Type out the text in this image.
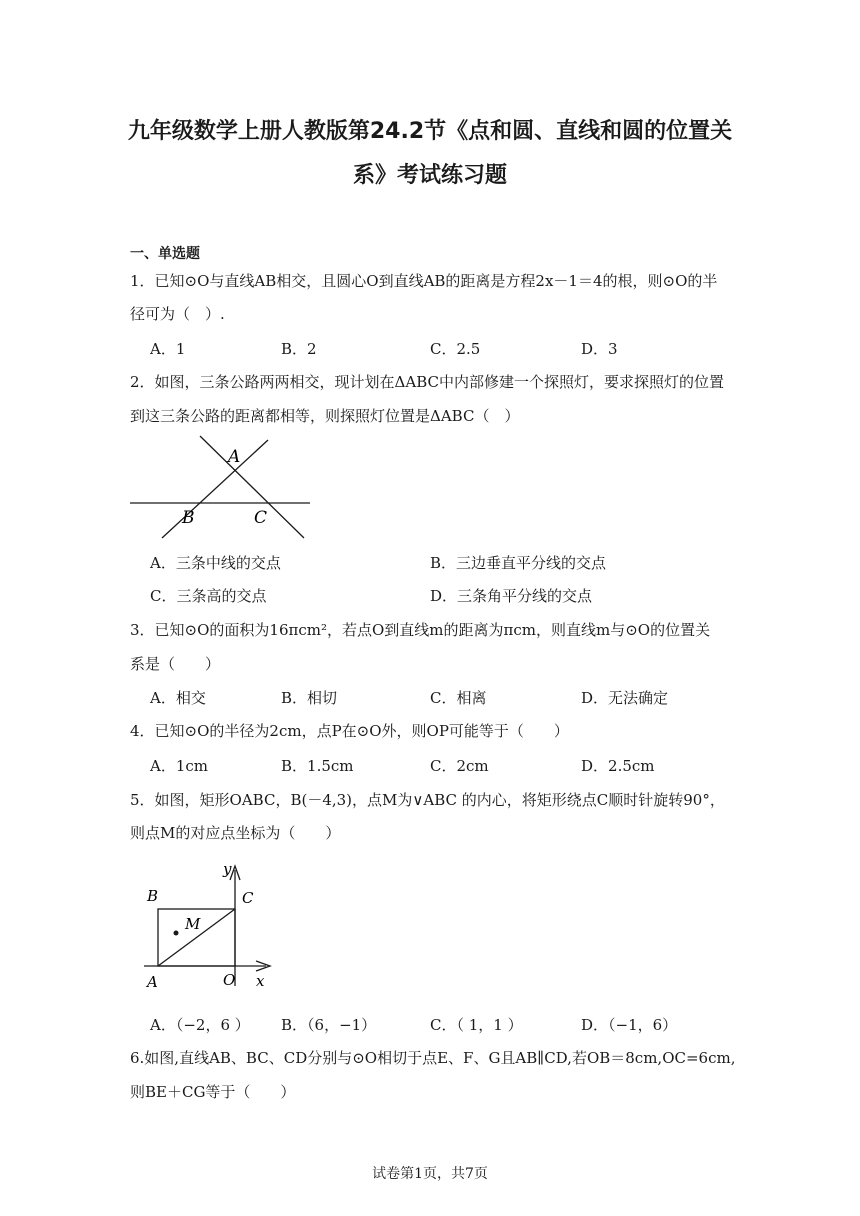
九年级数学上册人教版第24.2节《点和圆、直线和圆的位置关
系》考试练习题
一、单选题
1．已知⊙O与直线AB相交，且圆心O到直线AB的距离是方程2x－1＝4的根，则⊙O的半
径可为（　）.
A．1	B．2	C．2.5	D．3
2．如图，三条公路两两相交，现计划在ΔABC中内部修建一个探照灯，要求探照灯的位置
到这三条公路的距离都相等，则探照灯位置是ΔABC（　）
A
B	C
A．三条中线的交点	B．三边垂直平分线的交点
C．三条高的交点	D．三条角平分线的交点
3．已知⊙O的面积为16πcm²，若点O到直线m的距离为πcm，则直线m与⊙O的位置关
系是（　　）
A．相交	B．相切	C．相离	D．无法确定
4．已知⊙O的半径为2cm，点P在⊙O外，则OP可能等于（　　）
A．1cm	B．1.5cm	C．2cm	D．2.5cm
5．如图，矩形OABC，B(－4,3)，点M为∨ABC 的内心，将矩形绕点C顺时针旋转90°，
则点M的对应点坐标为（　　）
y
B	C
M
A	O x
A．（−2，6 ） B．（6，−1）	C．（ 1，1 ）	D．（−1，6）
6.如图,直线AB、BC、CD分别与⊙O相切于点E、F、G且AB∥CD,若OB＝8cm,OC=6cm,
则BE＋CG等于（　　）
试卷第1页，共7页
